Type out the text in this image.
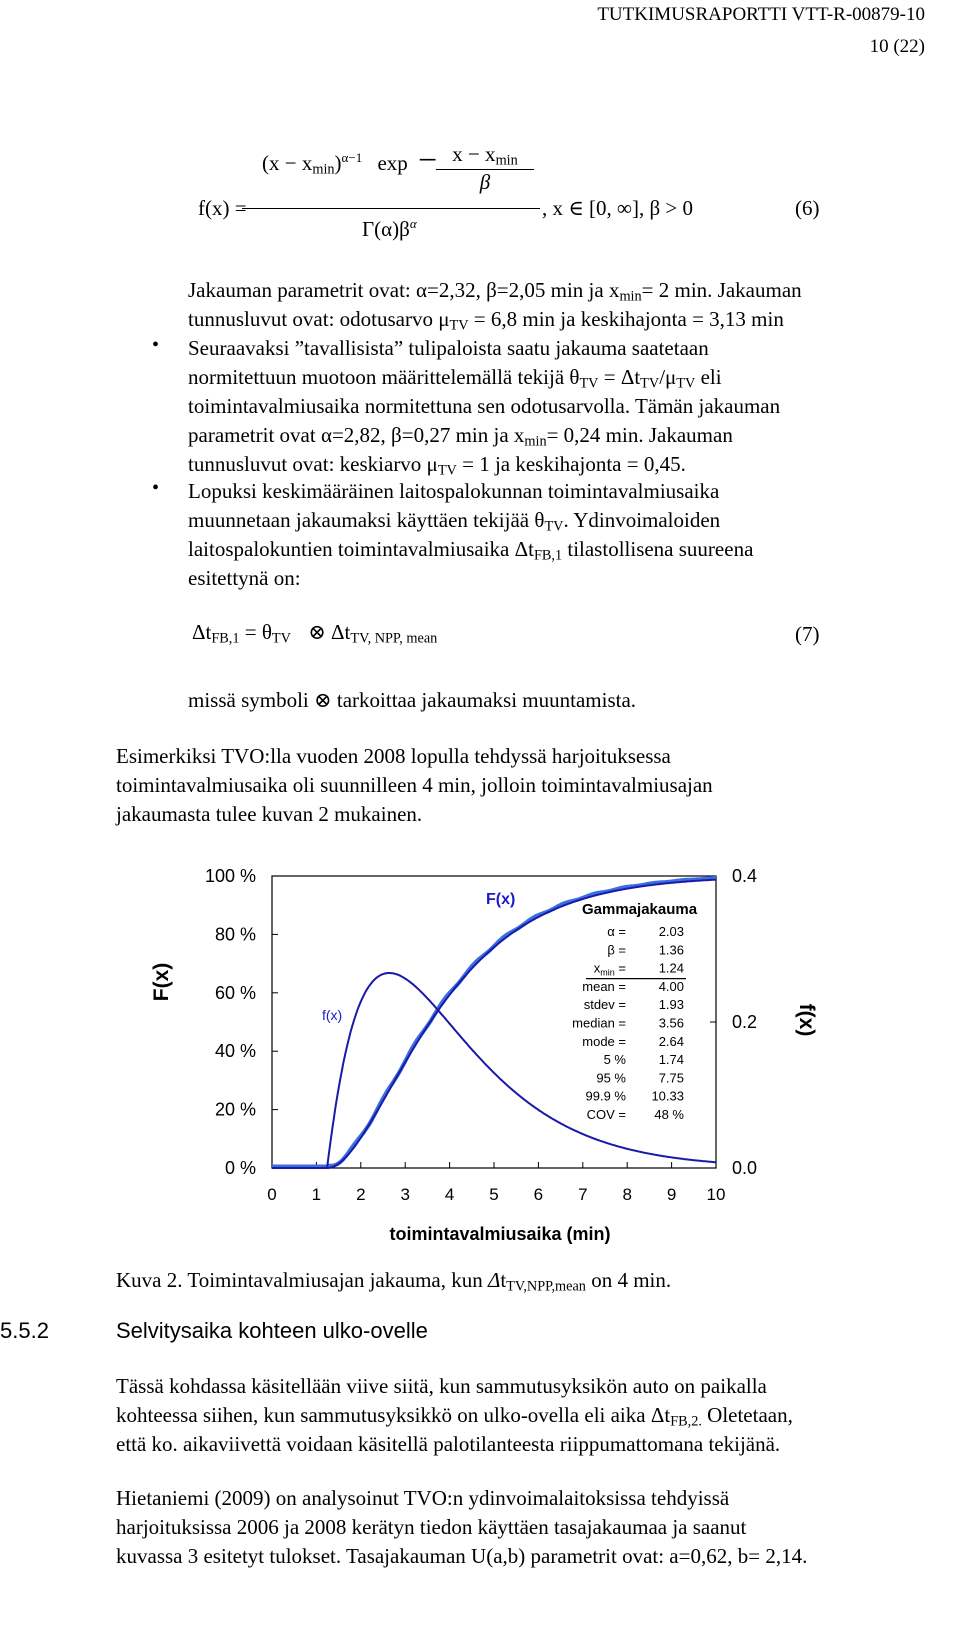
TUTKIMUSRAPORTTI VTT-R-00879-10
10 (22)
f(x) =
$(x - x_{min})^{\alpha-1}$ exp	$x - x_{min}$
β
−
$\Gamma(\alpha)\beta^\alpha$
, x ∈ [0, ∞], β > 0	(6)

Jakauman parametrit ovat: α=2,32, β=2,05 min ja $x_{min}= 2$ min. Jakauman

tunnusluvut ovat: odotusarvo $\mu_{TV} = 6,8$ min ja keskihajonta = 3,13 min

• Seuraavaksi ”tavallisista” tulipaloista saatu jakauma saatetaan

normitettuun muotoon määrittelemällä tekijä $\theta_{TV} = \Delta t_{TV}/\mu_{TV}$ eli

toimintavalmiusaika normitettuna sen odotusarvolla. Tämän jakauman

parametrit ovat α=2,82, β=0,27 min ja $x_{min}= 0,24$ min. Jakauman

tunnusluvut ovat: keskiarvo $\mu_{TV} = 1$ ja keskihajonta = 0,45.

• Lopuksi keskimääräinen laitospalokunnan toimintavalmiusaika

muunnetaan jakaumaksi käyttäen tekijää $\theta_{TV}$. Ydinvoimaloiden

laitospalokuntien toimintavalmiusaika $\Delta t_{FB,1}$ tilastollisena suureena

esitettynä on:

$\Delta t_{FB,1} = \theta_{TV}$ ⊗ $\Delta t_{TV, NPP, mean}$	(7)

missä symboli ⊗ tarkoittaa jakaumaksi muuntamista.

Esimerkiksi TVO:lla vuoden 2008 lopulla tehdyssä harjoituksessa

toimintavalmiusaika oli suunnilleen 4 min, jolloin toimintavalmiusajan

jakaumasta tulee kuvan 2 mukainen.

0 1 2 3 4 5 6 7 8 9 10
0 %
20 %
40 %
60 %
80 %
100 %
0.0
0.2
0.4
toimintavalmiusaika (min)
F(x)
f(x)
F(x)
f(x)
Gammajakauma
α =	2.03
β =	1.36
$x_{min}$ =	1.24
mean =	4.00
stdev =	1.93
median =	3.56
mode =	2.64
5 %	1.74
95 %	7.75
99.9 % 10.33
COV = 48 %

Kuva 2. Toimintavalmiusajan jakauma, kun $\Delta t_{TV,NPP,mean}$ on 4 min.

5.5.2	Selvitysaika kohteen ulko-ovelle

Tässä kohdassa käsitellään viive siitä, kun sammutusyksikön auto on paikalla

kohteessa siihen, kun sammutusyksikkö on ulko-ovella eli aika $\Delta t_{FB,2.}$ Oletetaan,

että ko. aikaviivettä voidaan käsitellä palotilanteesta riippumattomana tekijänä.

Hietaniemi (2009) on analysoinut TVO:n ydinvoimalaitoksissa tehdyissä

harjoituksissa 2006 ja 2008 kerätyn tiedon käyttäen tasajakaumaa ja saanut

kuvassa 3 esitetyt tulokset. Tasajakauman U(a,b) parametrit ovat: a=0,62, b= 2,14.
